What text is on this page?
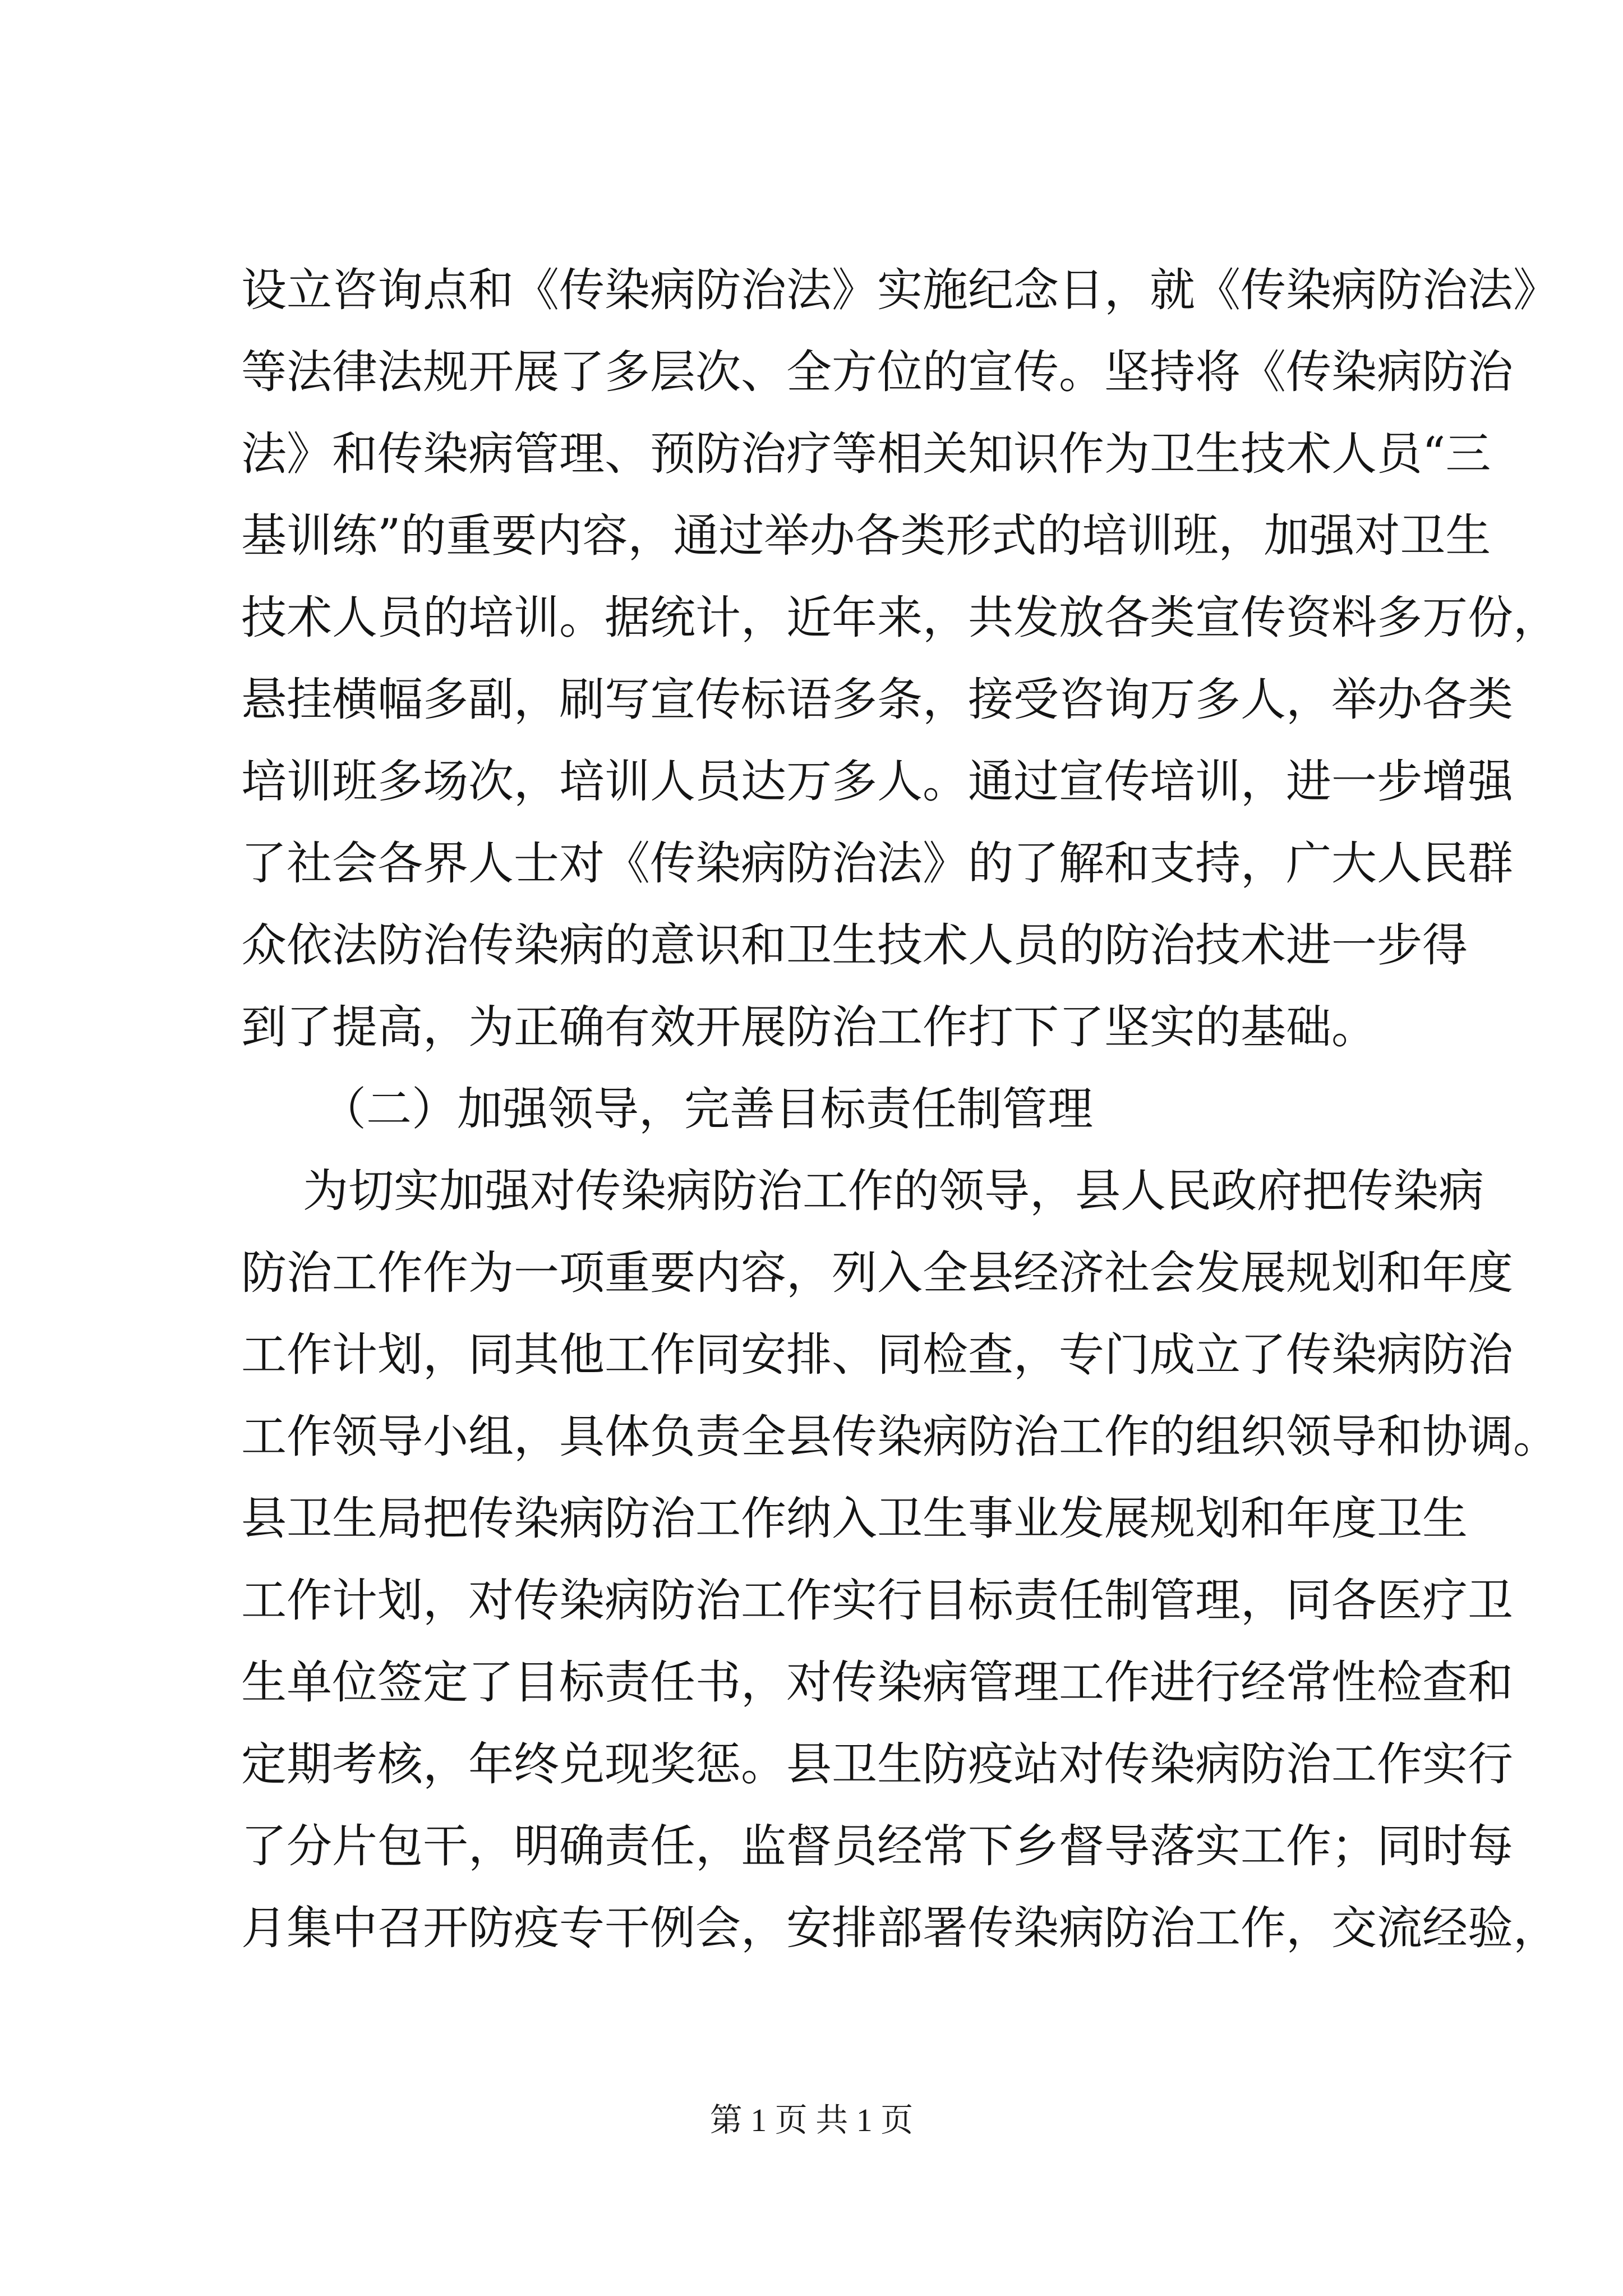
设立咨询点和《传染病防治法》实施纪念日，就《传染病防治法》
等法律法规开展了多层次、全方位的宣传。坚持将《传染病防治
法》和传染病管理、预防治疗等相关知识作为卫生技术人员“三
基训练”的重要内容，通过举办各类形式的培训班，加强对卫生
技术人员的培训。据统计，近年来，共发放各类宣传资料多万份，
悬挂横幅多副，刷写宣传标语多条，接受咨询万多人，举办各类
培训班多场次，培训人员达万多人。通过宣传培训，进一步增强
了社会各界人士对《传染病防治法》的了解和支持，广大人民群
众依法防治传染病的意识和卫生技术人员的防治技术进一步得
到了提高，为正确有效开展防治工作打下了坚实的基础。
（二）加强领导，完善目标责任制管理
为切实加强对传染病防治工作的领导，县人民政府把传染病
防治工作作为一项重要内容，列入全县经济社会发展规划和年度
工作计划，同其他工作同安排、同检查，专门成立了传染病防治
工作领导小组，具体负责全县传染病防治工作的组织领导和协调。
县卫生局把传染病防治工作纳入卫生事业发展规划和年度卫生
工作计划，对传染病防治工作实行目标责任制管理，同各医疗卫
生单位签定了目标责任书，对传染病管理工作进行经常性检查和
定期考核，年终兑现奖惩。县卫生防疫站对传染病防治工作实行
了分片包干，明确责任，监督员经常下乡督导落实工作；同时每
月集中召开防疫专干例会，安排部署传染病防治工作，交流经验，
第 1 页 共 1 页
